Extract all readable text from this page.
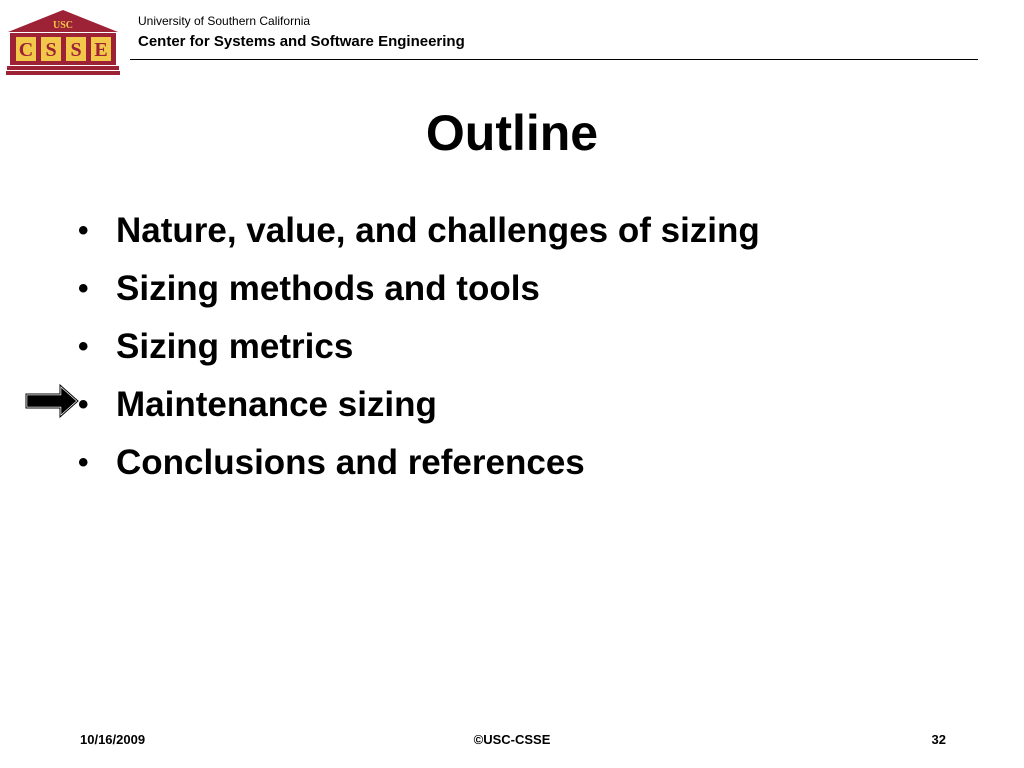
USC
C S S E
University of Southern California
Center for Systems and Software Engineering
Outline
• Nature, value, and challenges of sizing
• Sizing methods and tools
• Sizing metrics
• Maintenance sizing
• Conclusions and references
10/16/2009	©USC-CSSE	32
